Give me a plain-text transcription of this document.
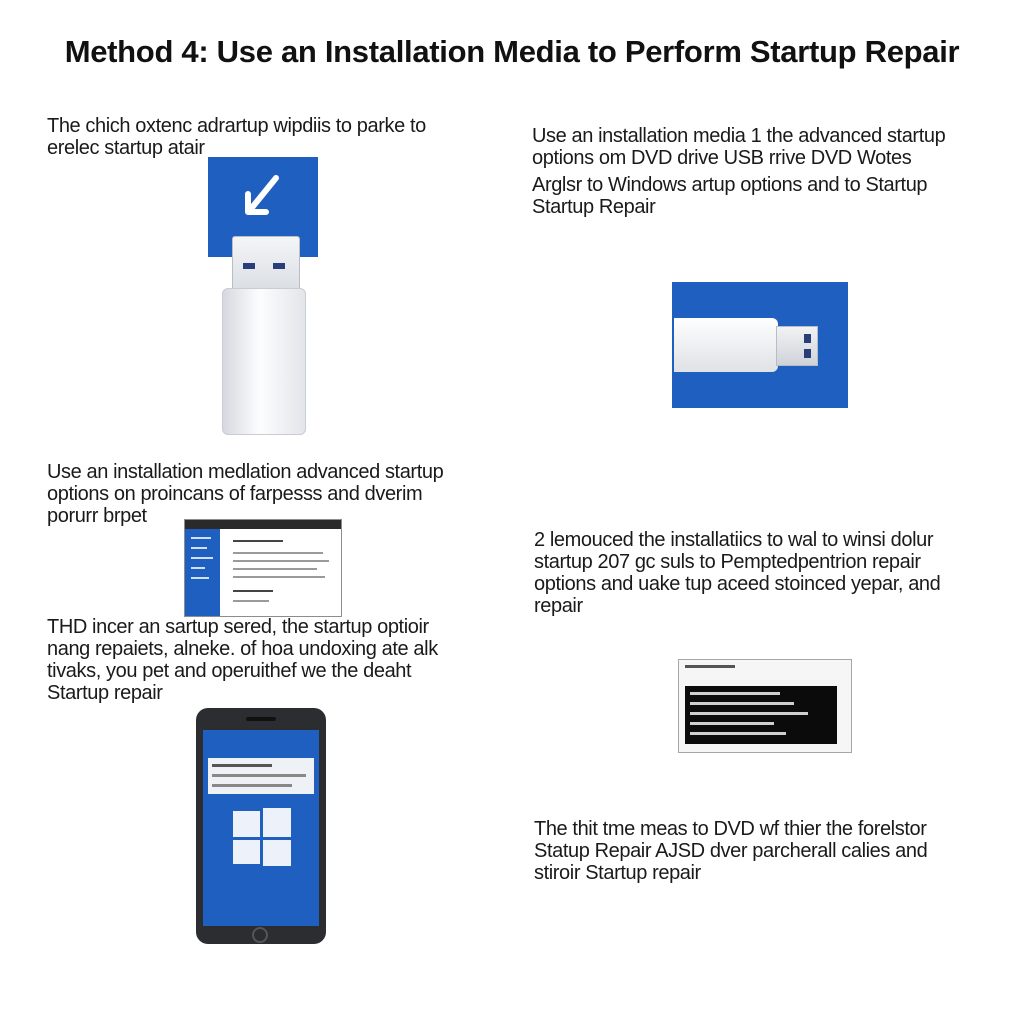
Method 4: Use an Installation Media to Perform Startup Repair
The chich oxtenc adrartup wipdiis to parke to
erelec startup atair
Use an installation media 1 the advanced startup
options om DVD drive USB rrive DVD Wotes
Arglsr to Windows artup options and to Startup
Startup Repair
Use an installation medlation advanced startup
options on proincans of farpesss and dverim
porurr brpet
2 lemouced the installatiics to wal to winsi dolur
startup 207 gc suls to Pemptedpentrion repair
options and uake tup aceed stoinced yepar, and
repair
THD incer an sartup sered, the startup optioir
nang repaiets, alneke. of hoa undoxing ate alk
tivaks, you pet and operuithef we the deaht
Startup repair
The thit tme meas to DVD wf thier the forelstor
Statup Repair AJSD dver parcherall calies and
stiroir Startup repair
